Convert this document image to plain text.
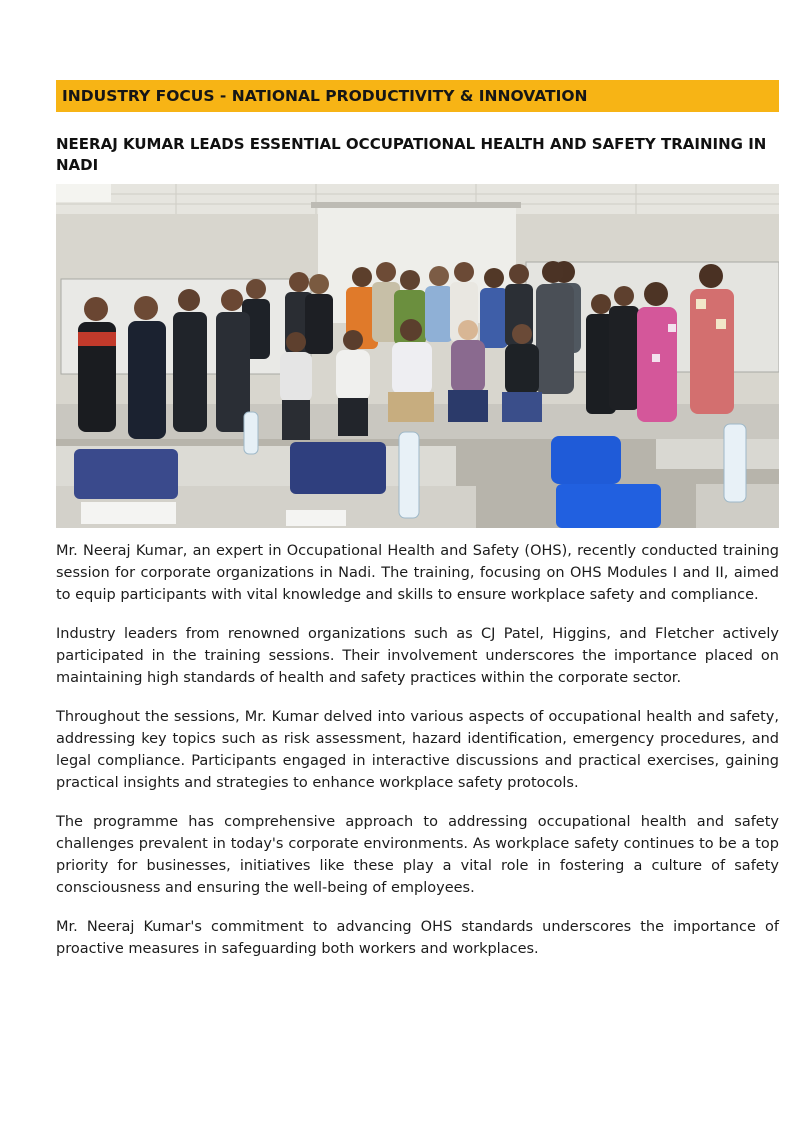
INDUSTRY FOCUS - NATIONAL PRODUCTIVITY & INNOVATION
NEERAJ KUMAR LEADS ESSENTIAL OCCUPATIONAL HEALTH AND SAFETY TRAINING IN NADI

Mr. Neeraj Kumar, an expert in Occupational Health and Safety (OHS), recently conducted training session for corporate organizations in Nadi. The training, focusing on OHS Modules I and II, aimed to equip participants with vital knowledge and skills to ensure workplace safety and compliance.

Industry leaders from renowned organizations such as CJ Patel, Higgins, and Fletcher actively participated in the training sessions. Their involvement underscores the importance placed on maintaining high standards of health and safety practices within the corporate sector.

Throughout the sessions, Mr. Kumar delved into various aspects of occupational health and safety, addressing key topics such as risk assessment, hazard identification, emergency procedures, and legal compliance. Participants engaged in interactive discussions and practical exercises, gaining practical insights and strategies to enhance workplace safety protocols.

The programme has comprehensive approach to addressing occupational health and safety challenges prevalent in today's corporate environments. As workplace safety continues to be a top priority for businesses, initiatives like these play a vital role in fostering a culture of safety consciousness and ensuring the well-being of employees.

Mr. Neeraj Kumar's commitment to advancing OHS standards underscores the importance of proactive measures in safeguarding both workers and workplaces.
